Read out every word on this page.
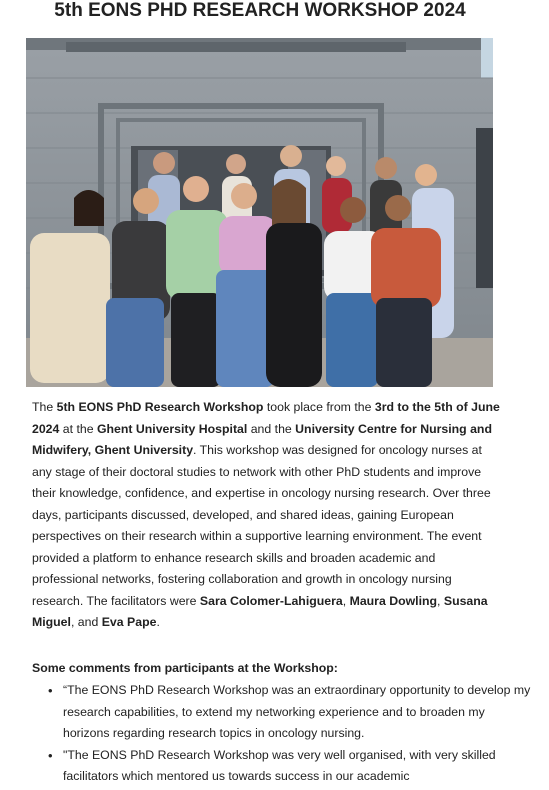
5th EONS PHD RESEARCH WORKSHOP 2024

The 5th EONS PhD Research Workshop took place from the 3rd to the 5th of June 2024 at the Ghent University Hospital and the University Centre for Nursing and Midwifery, Ghent University. This workshop was designed for oncology nurses at any stage of their doctoral studies to network with other PhD students and improve their knowledge, confidence, and expertise in oncology nursing research. Over three days, participants discussed, developed, and shared ideas, gaining European perspectives on their research within a supportive learning environment. The event provided a platform to enhance research skills and broaden academic and professional networks, fostering collaboration and growth in oncology nursing research. The facilitators were Sara Colomer-Lahiguera, Maura Dowling, Susana Miguel, and Eva Pape.

Some comments from participants at the Workshop:
• “The EONS PhD Research Workshop was an extraordinary opportunity to develop my research capabilities, to extend my networking experience and to broaden my horizons regarding research topics in oncology nursing.
• "The EONS PhD Research Workshop was very well organised, with very skilled facilitators which mentored us towards success in our academic
